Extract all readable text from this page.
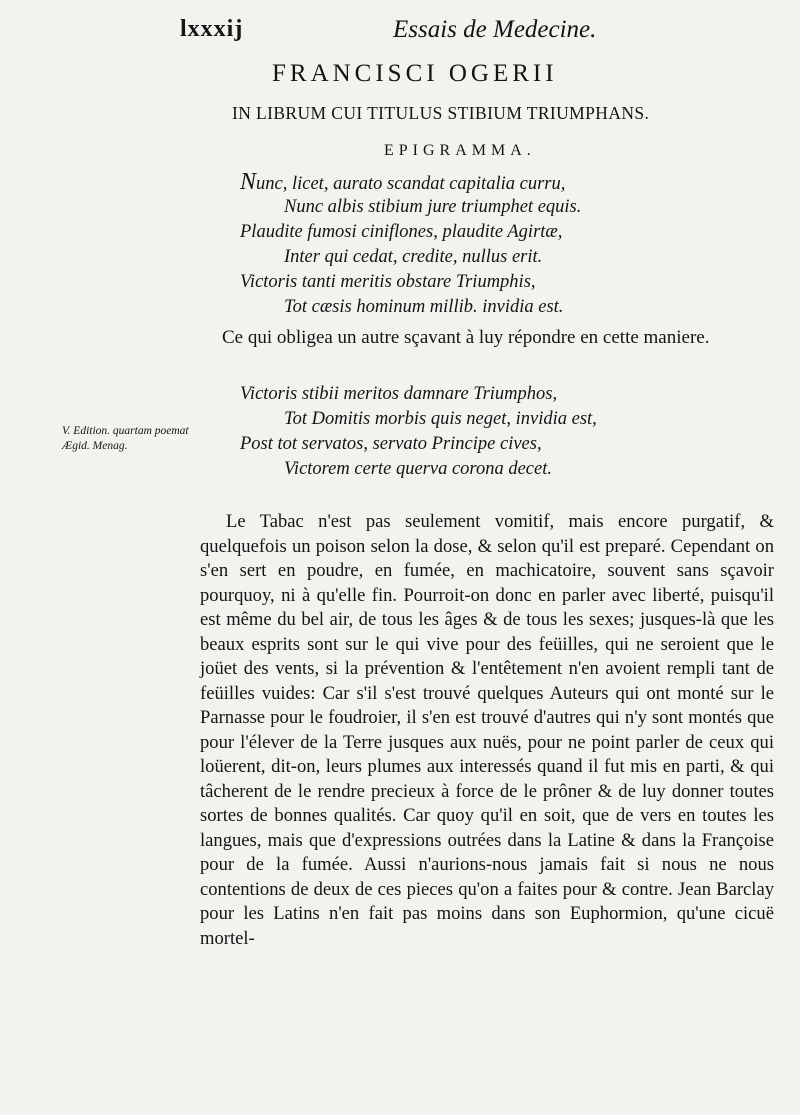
lxxxij	Essais de Medecine.
FRANCISCI OGERII
IN LIBRUM CUI TITULUS STIBIUM TRIUMPHANS.
EPIGRAMMA.
Nunc, licet, aurato scandat capitalia curru,
Nunc albis stibium jure triumphet equis.
Plaudite fumosi ciniflones, plaudite Agirtæ,
Inter qui cedat, credite, nullus erit.
Victoris tanti meritis obstare Triumphis,
Tot cæsis hominum millib. invidia est.
Ce qui obligea un autre sçavant à luy répondre en cette maniere.
Victoris stibii meritos damnare Triumphos,
Tot Domitis morbis quis neget, invidia est,
Post tot servatos, servato Principe cives,
Victorem certe querva corona decet.
V. Edition. quartam poemat Ægid. Menag.
Le Tabac n'est pas seulement vomitif, mais encore purgatif, & quelquefois un poison selon la dose, & selon qu'il est preparé. Cependant on s'en sert en poudre, en fumée, en machicatoire, souvent sans sçavoir pourquoy, ni à qu'elle fin. Pourroit-on donc en parler avec liberté, puisqu'il est même du bel air, de tous les âges & de tous les sexes; jusques-là que les beaux esprits sont sur le qui vive pour des feüilles, qui ne seroient que le joüet des vents, si la prévention & l'entêtement n'en avoient rempli tant de feüilles vuides: Car s'il s'est trouvé quelques Auteurs qui ont monté sur le Parnasse pour le foudroier, il s'en est trouvé d'autres qui n'y sont montés que pour l'élever de la Terre jusques aux nuës, pour ne point parler de ceux qui loüerent, dit-on, leurs plumes aux interessés quand il fut mis en parti, & qui tâcherent de le rendre precieux à force de le prôner & de luy donner toutes sortes de bonnes qualités. Car quoy qu'il en soit, que de vers en toutes les langues, mais que d'expressions outrées dans la Latine & dans la Françoise pour de la fumée. Aussi n'aurions-nous jamais fait si nous ne nous contentions de deux de ces pieces qu'on a faites pour & contre. Jean Barclay pour les Latins n'en fait pas moins dans son Euphormion, qu'une cicuë mortel-
